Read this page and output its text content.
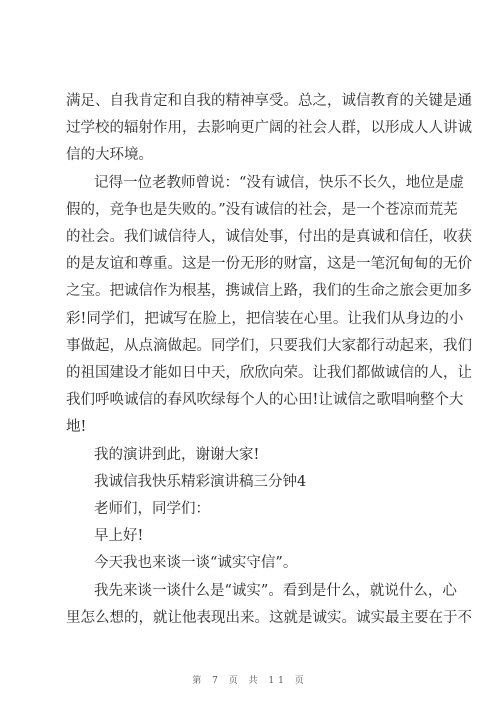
满足、自我肯定和自我的精神享受。总之，诚信教育的关键是通
过学校的辐射作用，去影响更广阔的社会人群，以形成人人讲诚
信的大环境。
记得一位老教师曾说：“没有诚信，快乐不长久，地位是虚
假的，竞争也是失败的。”没有诚信的社会，是一个苍凉而荒芜
的社会。我们诚信待人，诚信处事，付出的是真诚和信任，收获
的是友谊和尊重。这是一份无形的财富，这是一笔沉甸甸的无价
之宝。把诚信作为根基，携诚信上路，我们的生命之旅会更加多
彩!同学们，把诚写在脸上，把信装在心里。让我们从身边的小
事做起，从点滴做起。同学们，只要我们大家都行动起来，我们
的祖国建设才能如日中天，欣欣向荣。让我们都做诚信的人，让
我们呼唤诚信的春风吹绿每个人的心田!让诚信之歌唱响整个大
地!
我的演讲到此，谢谢大家!
我诚信我快乐精彩演讲稿三分钟4
老师们，同学们：
早上好!
今天我也来谈一谈“诚实守信”。
我先来谈一谈什么是“诚实”。看到是什么，就说什么，心
里怎么想的，就让他表现出来。这就是诚实。诚实最主要在于不
第 7 页 共 11 页
